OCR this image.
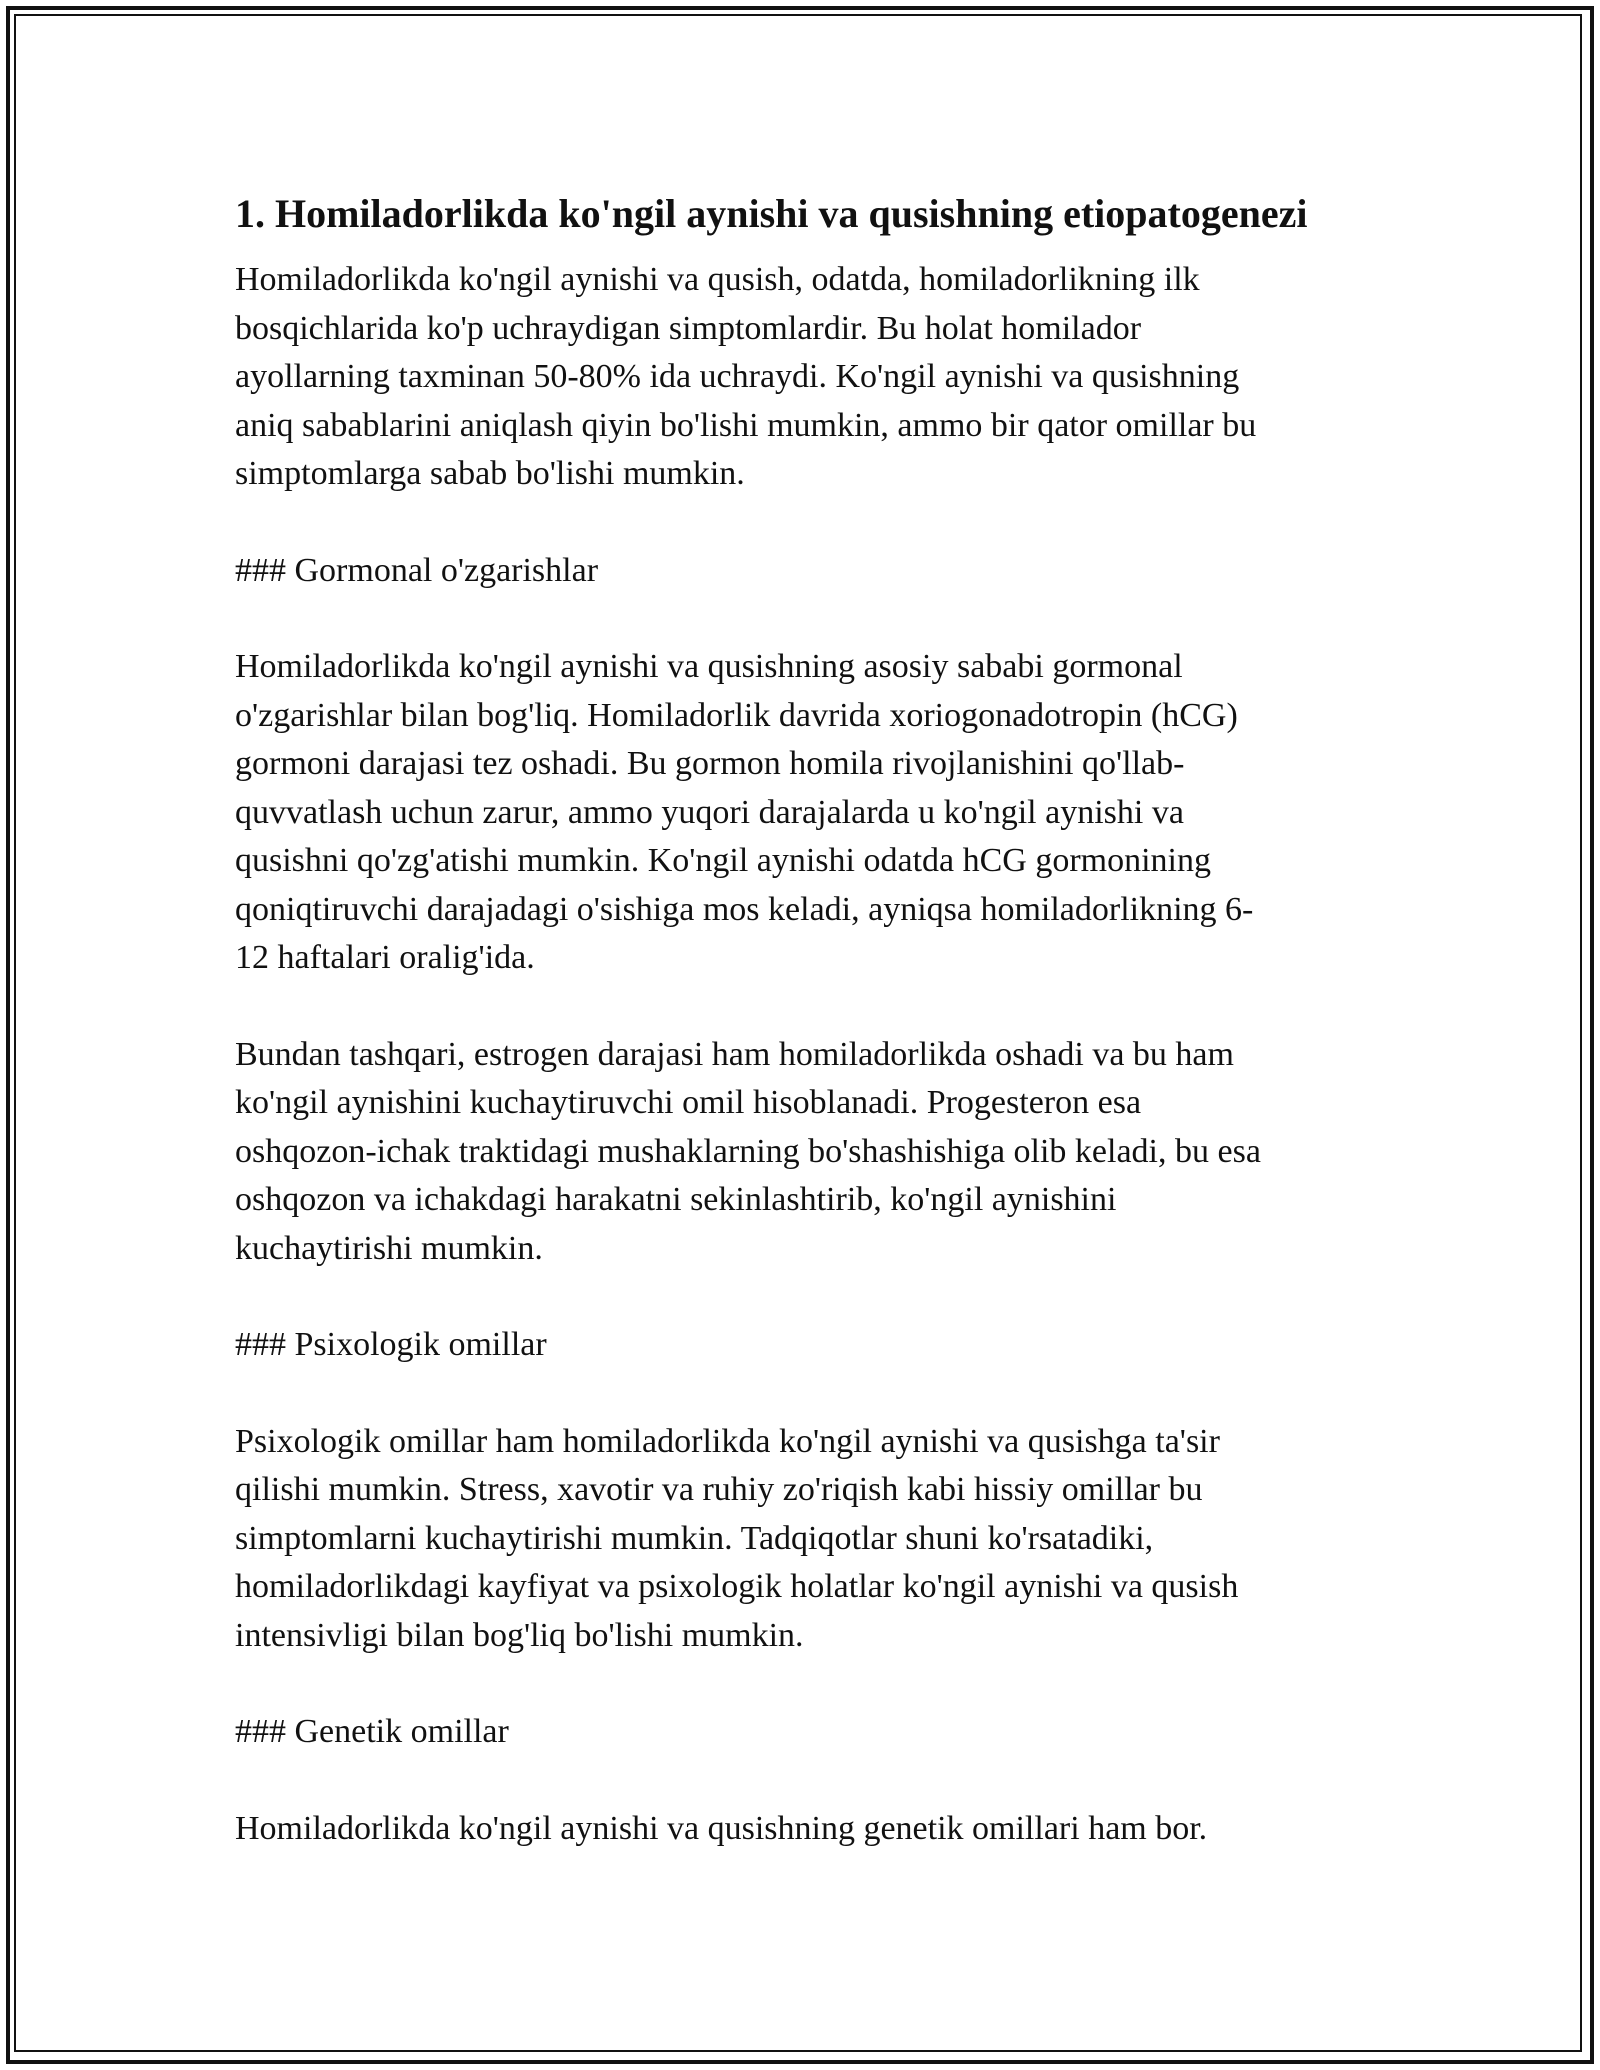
1. Homiladorlikda ko'ngil aynishi va qusishning etiopatogenezi

Homiladorlikda ko'ngil aynishi va qusish, odatda, homiladorlikning ilk
bosqichlarida ko'p uchraydigan simptomlardir. Bu holat homilador
ayollarning taxminan 50-80% ida uchraydi. Ko'ngil aynishi va qusishning
aniq sabablarini aniqlash qiyin bo'lishi mumkin, ammo bir qator omillar bu
simptomlarga sabab bo'lishi mumkin.

### Gormonal o'zgarishlar

Homiladorlikda ko'ngil aynishi va qusishning asosiy sababi gormonal
o'zgarishlar bilan bog'liq. Homiladorlik davrida xoriogonadotropin (hCG)
gormoni darajasi tez oshadi. Bu gormon homila rivojlanishini qo'llab-
quvvatlash uchun zarur, ammo yuqori darajalarda u ko'ngil aynishi va
qusishni qo'zg'atishi mumkin. Ko'ngil aynishi odatda hCG gormonining
qoniqtiruvchi darajadagi o'sishiga mos keladi, ayniqsa homiladorlikning 6-
12 haftalari oralig'ida.

Bundan tashqari, estrogen darajasi ham homiladorlikda oshadi va bu ham
ko'ngil aynishini kuchaytiruvchi omil hisoblanadi. Progesteron esa
oshqozon-ichak traktidagi mushaklarning bo'shashishiga olib keladi, bu esa
oshqozon va ichakdagi harakatni sekinlashtirib, ko'ngil aynishini
kuchaytirishi mumkin.

### Psixologik omillar

Psixologik omillar ham homiladorlikda ko'ngil aynishi va qusishga ta'sir
qilishi mumkin. Stress, xavotir va ruhiy zo'riqish kabi hissiy omillar bu
simptomlarni kuchaytirishi mumkin. Tadqiqotlar shuni ko'rsatadiki,
homiladorlikdagi kayfiyat va psixologik holatlar ko'ngil aynishi va qusish
intensivligi bilan bog'liq bo'lishi mumkin.

### Genetik omillar

Homiladorlikda ko'ngil aynishi va qusishning genetik omillari ham bor.
